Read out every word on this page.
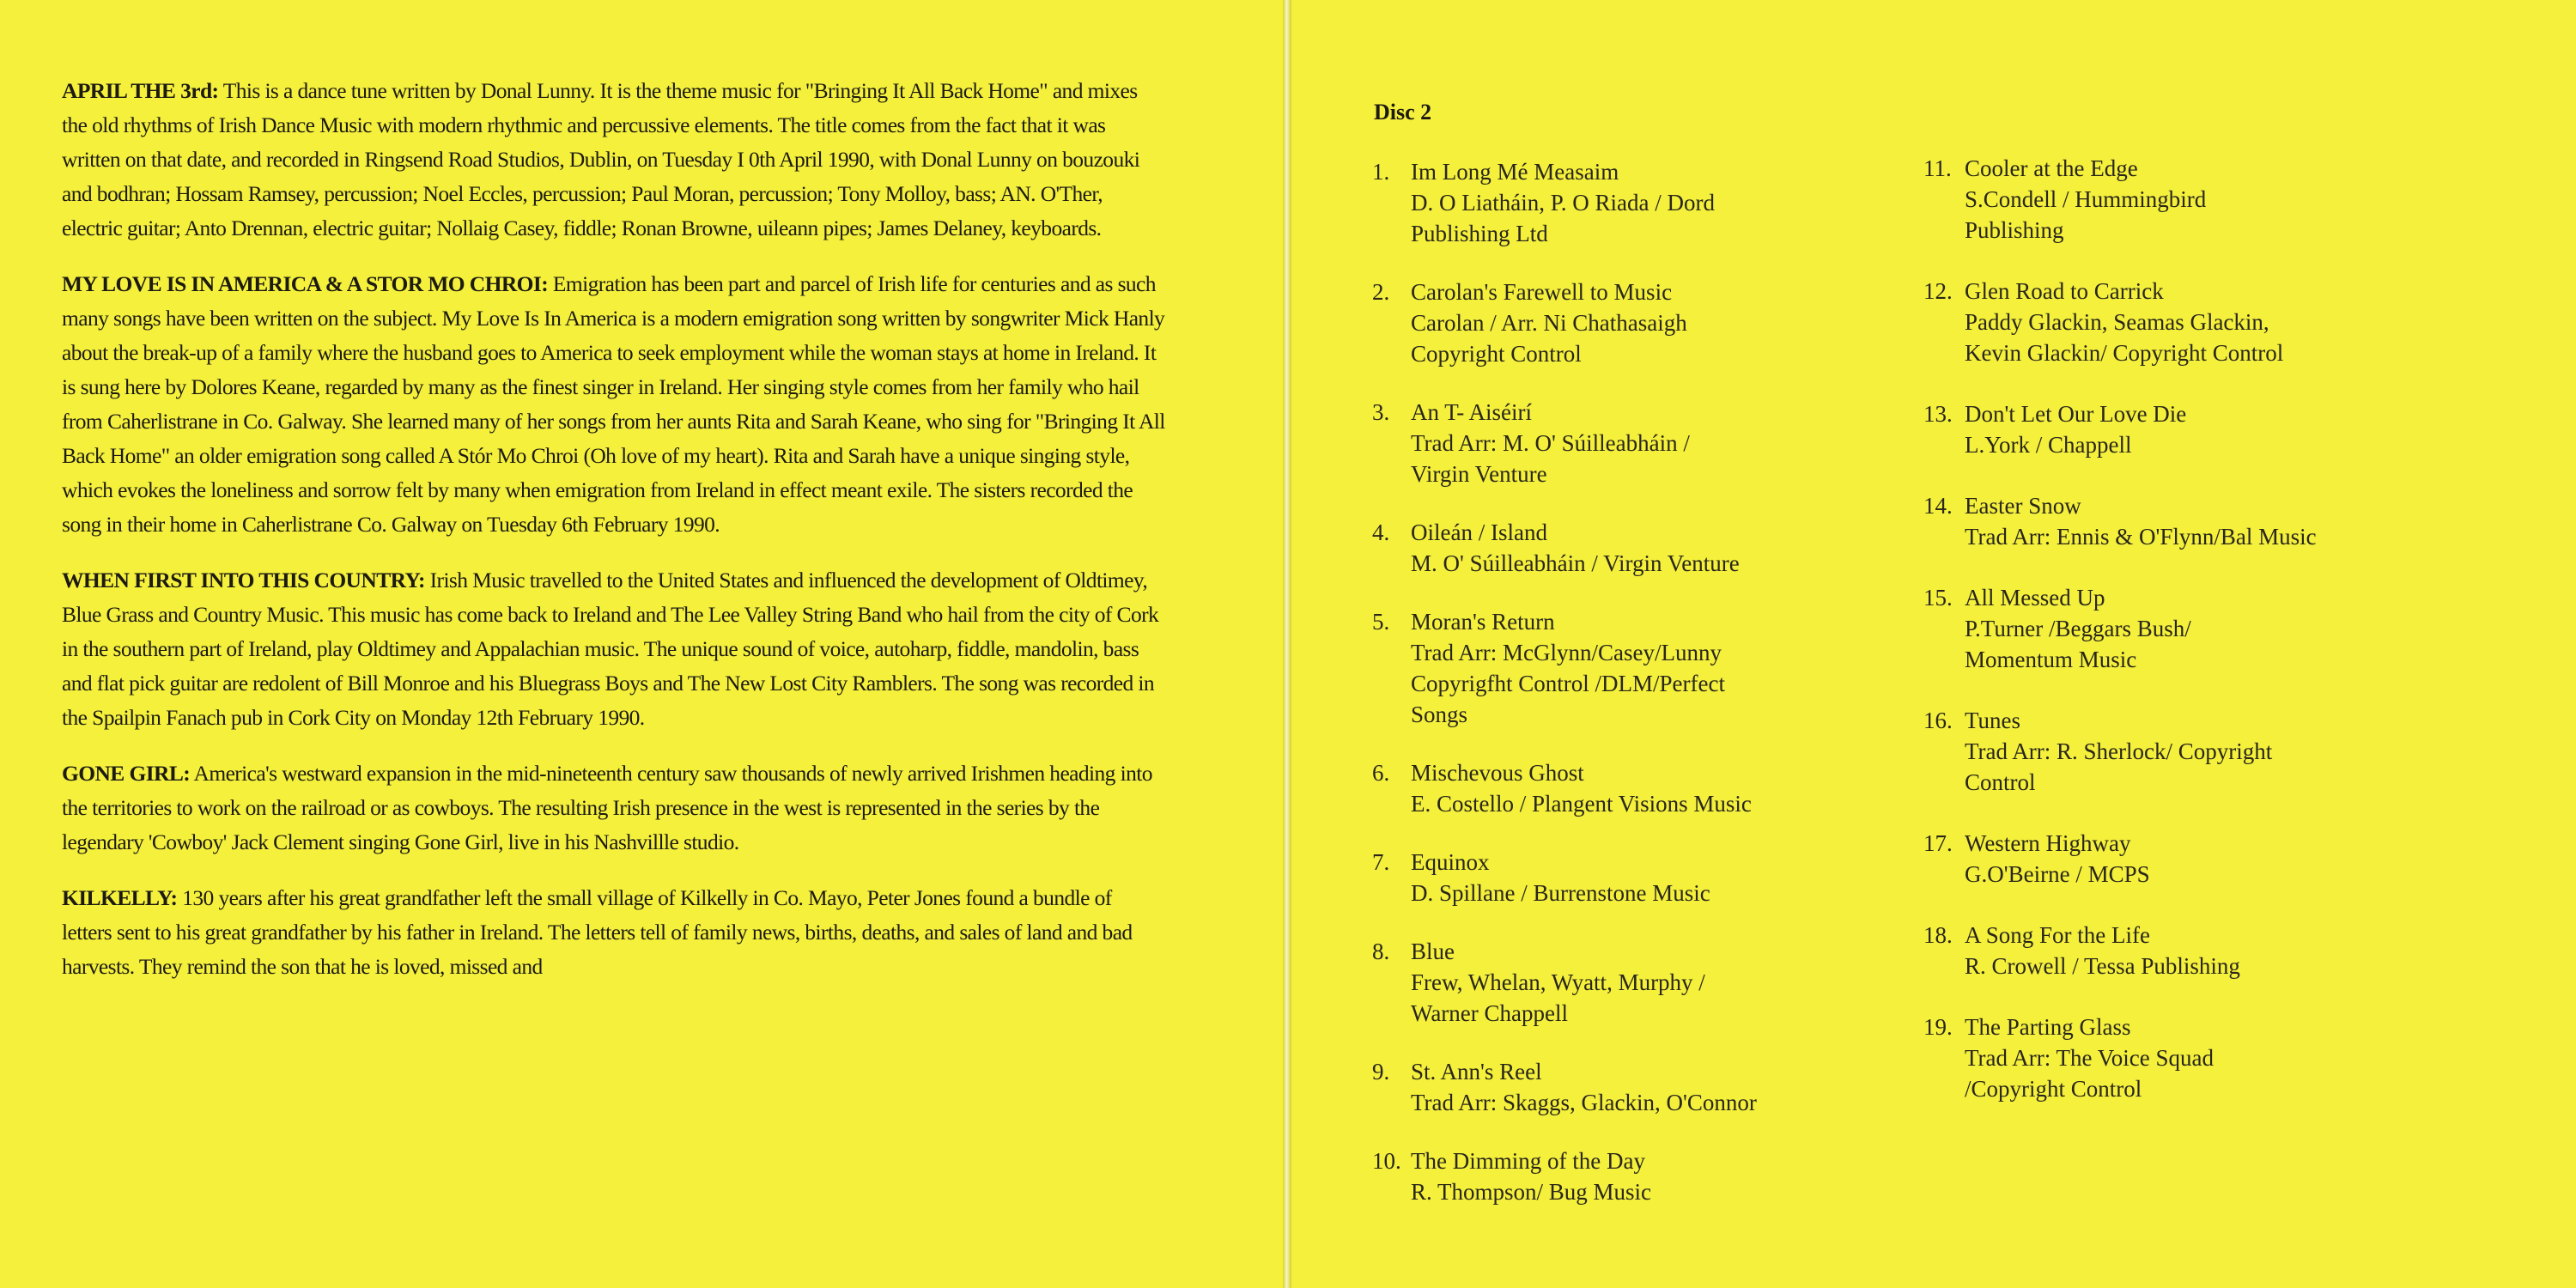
APRIL THE 3rd: This is a dance tune written by Donal Lunny. It is the theme music for "Bringing It All Back Home" and mixes the old rhythms of Irish Dance Music with modern rhythmic and percussive elements. The title comes from the fact that it was written on that date, and recorded in Ringsend Road Studios, Dublin, on Tuesday I 0th April 1990, with Donal Lunny on bouzouki and bodhran; Hossam Ramsey, percussion; Noel Eccles, percussion; Paul Moran, percussion; Tony Molloy, bass; AN. O'Ther, electric guitar; Anto Drennan, electric guitar; Nollaig Casey, fiddle; Ronan Browne, uileann pipes; James Delaney, keyboards.

MY LOVE IS IN AMERICA & A STOR MO CHROI: Emigration has been part and parcel of Irish life for centuries and as such many songs have been written on the subject. My Love Is In America is a modern emigration song written by songwriter Mick Hanly about the break-up of a family where the husband goes to America to seek employment while the woman stays at home in Ireland. It is sung here by Dolores Keane, regarded by many as the finest singer in Ireland. Her singing style comes from her family who hail from Caherlistrane in Co. Galway. She learned many of her songs from her aunts Rita and Sarah Keane, who sing for "Bringing It All Back Home" an older emigration song called A Stór Mo Chroi (Oh love of my heart). Rita and Sarah have a unique singing style, which evokes the loneliness and sorrow felt by many when emigration from Ireland in effect meant exile. The sisters recorded the song in their home in Caherlistrane Co. Galway on Tuesday 6th February 1990.

WHEN FIRST INTO THIS COUNTRY: Irish Music travelled to the United States and influenced the development of Oldtimey, Blue Grass and Country Music. This music has come back to Ireland and The Lee Valley String Band who hail from the city of Cork in the southern part of Ireland, play Oldtimey and Appalachian music. The unique sound of voice, autoharp, fiddle, mandolin, bass and flat pick guitar are redolent of Bill Monroe and his Bluegrass Boys and The New Lost City Ramblers. The song was recorded in the Spailpin Fanach pub in Cork City on Monday 12th February 1990.

GONE GIRL: America's westward expansion in the mid-nineteenth century saw thousands of newly arrived Irishmen heading into the territories to work on the railroad or as cowboys. The resulting Irish presence in the west is represented in the series by the legendary 'Cowboy' Jack Clement singing Gone Girl, live in his Nashvillle studio.

KILKELLY: 130 years after his great grandfather left the small village of Kilkelly in Co. Mayo, Peter Jones found a bundle of letters sent to his great grandfather by his father in Ireland. The letters tell of family news, births, deaths, and sales of land and bad harvests. They remind the son that he is loved, missed and

Disc 2
1. Im Long Mé Measaim
D. O Liatháin, P. O Riada / Dord
Publishing Ltd
2. Carolan's Farewell to Music
Carolan / Arr. Ni Chathasaigh
Copyright Control
3. An T- Aiséirí
Trad Arr: M. O' Súilleabháin /
Virgin Venture
4. Oileán / Island
M. O' Súilleabháin / Virgin Venture
5. Moran's Return
Trad Arr: McGlynn/Casey/Lunny
Copyrigfht Control /DLM/Perfect
Songs
6. Mischevous Ghost
E. Costello / Plangent Visions Music
7. Equinox
D. Spillane / Burrenstone Music
8. Blue
Frew, Whelan, Wyatt, Murphy /
Warner Chappell
9. St. Ann's Reel
Trad Arr: Skaggs, Glackin, O'Connor
10. The Dimming of the Day
R. Thompson/ Bug Music
11. Cooler at the Edge
S.Condell / Hummingbird
Publishing
12. Glen Road to Carrick
Paddy Glackin, Seamas Glackin,
Kevin Glackin/ Copyright Control
13. Don't Let Our Love Die
L.York / Chappell
14. Easter Snow
Trad Arr: Ennis & O'Flynn/Bal Music
15. All Messed Up
P.Turner /Beggars Bush/
Momentum Music
16. Tunes
Trad Arr: R. Sherlock/ Copyright
Control
17. Western Highway
G.O'Beirne / MCPS
18. A Song For the Life
R. Crowell / Tessa Publishing
19. The Parting Glass
Trad Arr: The Voice Squad
/Copyright Control
